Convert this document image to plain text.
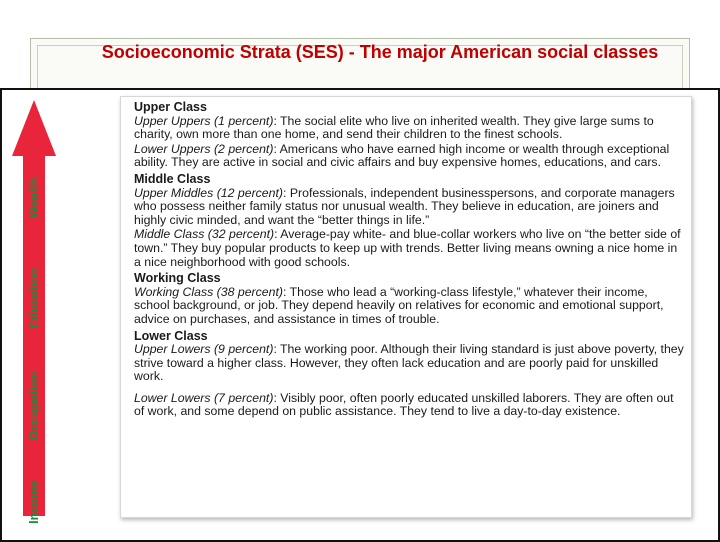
Socioeconomic Strata (SES) - The major American social classes
Income
Occupation
Education
Wealth
Upper Class

Upper Uppers (1 percent): The social elite who live on inherited wealth. They give large sums to charity, own more than one home, and send their children to the finest schools.

Lower Uppers (2 percent): Americans who have earned high income or wealth through exceptional ability. They are active in social and civic affairs and buy expensive homes, educations, and cars.

Middle Class

Upper Middles (12 percent): Professionals, independent businesspersons, and corporate managers who possess neither family status nor unusual wealth. They believe in education, are joiners and highly civic minded, and want the “better things in life.”

Middle Class (32 percent): Average-pay white- and blue-collar workers who live on “the better side of town.” They buy popular products to keep up with trends. Better living means owning a nice home in a nice neighborhood with good schools.

Working Class

Working Class (38 percent): Those who lead a “working-class lifestyle,” whatever their income, school background, or job. They depend heavily on relatives for economic and emotional support, advice on purchases, and assistance in times of trouble.

Lower Class

Upper Lowers (9 percent): The working poor. Although their living standard is just above poverty, they strive toward a higher class. However, they often lack education and are poorly paid for unskilled work.

Lower Lowers (7 percent): Visibly poor, often poorly educated unskilled laborers. They are often out of work, and some depend on public assistance. They tend to live a day-to-day existence.
